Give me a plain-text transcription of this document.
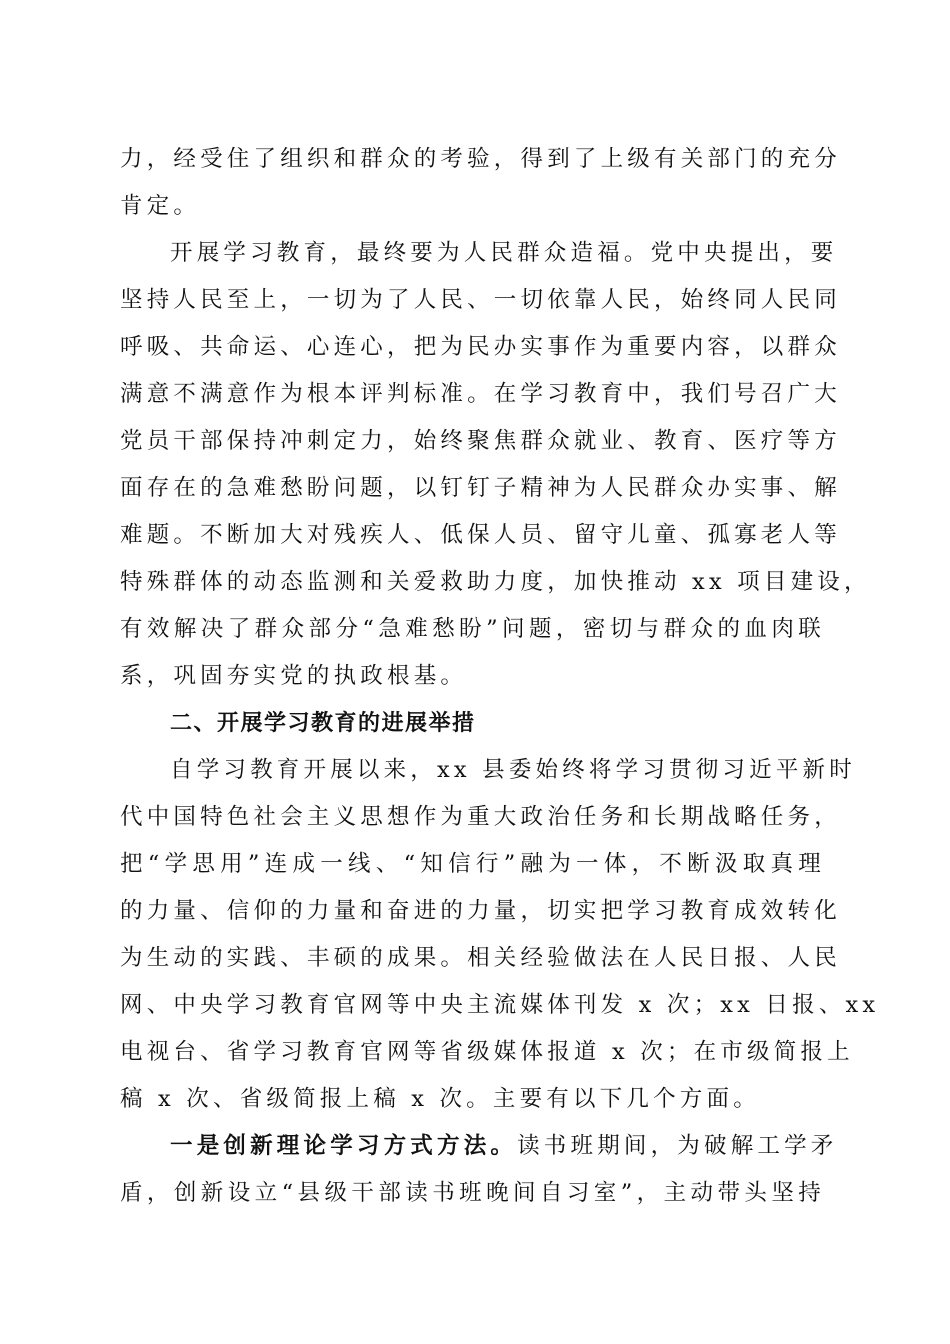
力，经受住了组织和群众的考验，得到了上级有关部门的充分
肯定。
开展学习教育，最终要为人民群众造福。党中央提出，要
坚持人民至上，一切为了人民、一切依靠人民，始终同人民同
呼吸、共命运、心连心，把为民办实事作为重要内容，以群众
满意不满意作为根本评判标准。在学习教育中，我们号召广大
党员干部保持冲刺定力，始终聚焦群众就业、教育、医疗等方
面存在的急难愁盼问题，以钉钉子精神为人民群众办实事、解
难题。不断加大对残疾人、低保人员、留守儿童、孤寡老人等
特殊群体的动态监测和关爱救助力度，加快推动 xx 项目建设，
有效解决了群众部分“急难愁盼”问题，密切与群众的血肉联
系，巩固夯实党的执政根基。
二、开展学习教育的进展举措
自学习教育开展以来，xx 县委始终将学习贯彻习近平新时
代中国特色社会主义思想作为重大政治任务和长期战略任务，
把“学思用”连成一线、“知信行”融为一体，不断汲取真理
的力量、信仰的力量和奋进的力量，切实把学习教育成效转化
为生动的实践、丰硕的成果。相关经验做法在人民日报、人民
网、中央学习教育官网等中央主流媒体刊发 x 次；xx 日报、xx
电视台、省学习教育官网等省级媒体报道 x 次；在市级简报上
稿 x 次、省级简报上稿 x 次。主要有以下几个方面。
一是创新理论学习方式方法。读书班期间，为破解工学矛
盾，创新设立“县级干部读书班晚间自习室”，主动带头坚持
